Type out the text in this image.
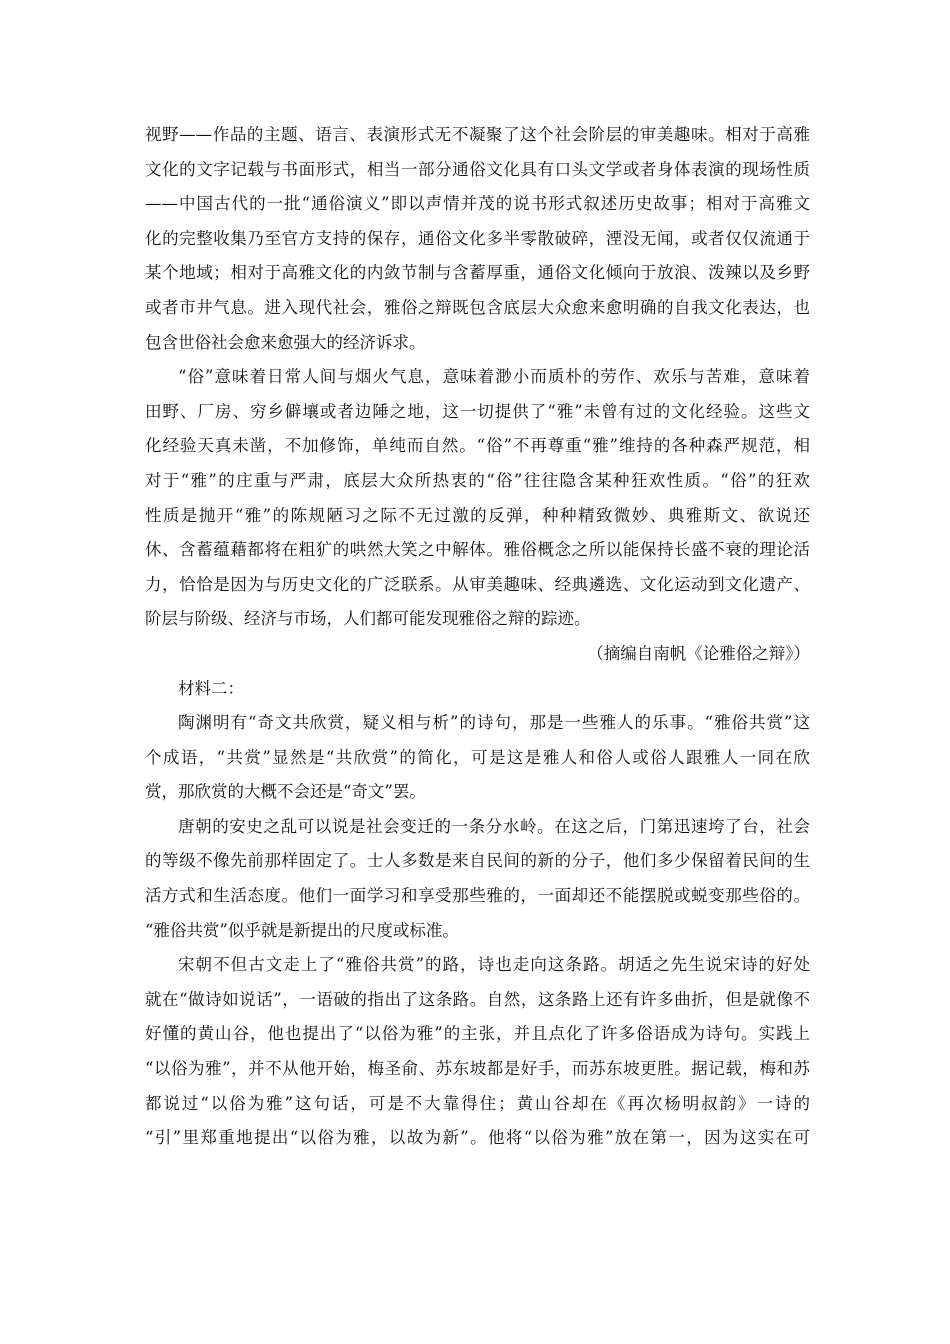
视野——作品的主题、语言、表演形式无不凝聚了这个社会阶层的审美趣味。相对于高雅
文化的文字记载与书面形式，相当一部分通俗文化具有口头文学或者身体表演的现场性质
——中国古代的一批“通俗演义”即以声情并茂的说书形式叙述历史故事；相对于高雅文
化的完整收集乃至官方支持的保存，通俗文化多半零散破碎，湮没无闻，或者仅仅流通于
某个地域；相对于高雅文化的内敛节制与含蓄厚重，通俗文化倾向于放浪、泼辣以及乡野
或者市井气息。进入现代社会，雅俗之辩既包含底层大众愈来愈明确的自我文化表达，也
包含世俗社会愈来愈强大的经济诉求。
“俗”意味着日常人间与烟火气息，意味着渺小而质朴的劳作、欢乐与苦难，意味着
田野、厂房、穷乡僻壤或者边陲之地，这一切提供了“雅”未曾有过的文化经验。这些文
化经验天真未凿，不加修饰，单纯而自然。“俗”不再尊重“雅”维持的各种森严规范，相
对于“雅”的庄重与严肃，底层大众所热衷的“俗”往往隐含某种狂欢性质。“俗”的狂欢
性质是抛开“雅”的陈规陋习之际不无过激的反弹，种种精致微妙、典雅斯文、欲说还
休、含蓄蕴藉都将在粗犷的哄然大笑之中解体。雅俗概念之所以能保持长盛不衰的理论活
力，恰恰是因为与历史文化的广泛联系。从审美趣味、经典遴选、文化运动到文化遗产、
阶层与阶级、经济与市场，人们都可能发现雅俗之辩的踪迹。
（摘编自南帆《论雅俗之辩》）
材料二：
陶渊明有“奇文共欣赏，疑义相与析”的诗句，那是一些雅人的乐事。“雅俗共赏”这
个成语，“共赏”显然是“共欣赏”的简化，可是这是雅人和俗人或俗人跟雅人一同在欣
赏，那欣赏的大概不会还是“奇文”罢。
唐朝的安史之乱可以说是社会变迁的一条分水岭。在这之后，门第迅速垮了台，社会
的等级不像先前那样固定了。士人多数是来自民间的新的分子，他们多少保留着民间的生
活方式和生活态度。他们一面学习和享受那些雅的，一面却还不能摆脱或蜕变那些俗的。
“雅俗共赏”似乎就是新提出的尺度或标准。
宋朝不但古文走上了“雅俗共赏”的路，诗也走向这条路。胡适之先生说宋诗的好处
就在“做诗如说话”，一语破的指出了这条路。自然，这条路上还有许多曲折，但是就像不
好懂的黄山谷，他也提出了“以俗为雅”的主张，并且点化了许多俗语成为诗句。实践上
“以俗为雅”，并不从他开始，梅圣俞、苏东坡都是好手，而苏东坡更胜。据记载，梅和苏
都说过“以俗为雅”这句话，可是不大靠得住；黄山谷却在《再次杨明叔韵》一诗的
“引”里郑重地提出“以俗为雅，以故为新”。他将“以俗为雅”放在第一，因为这实在可
